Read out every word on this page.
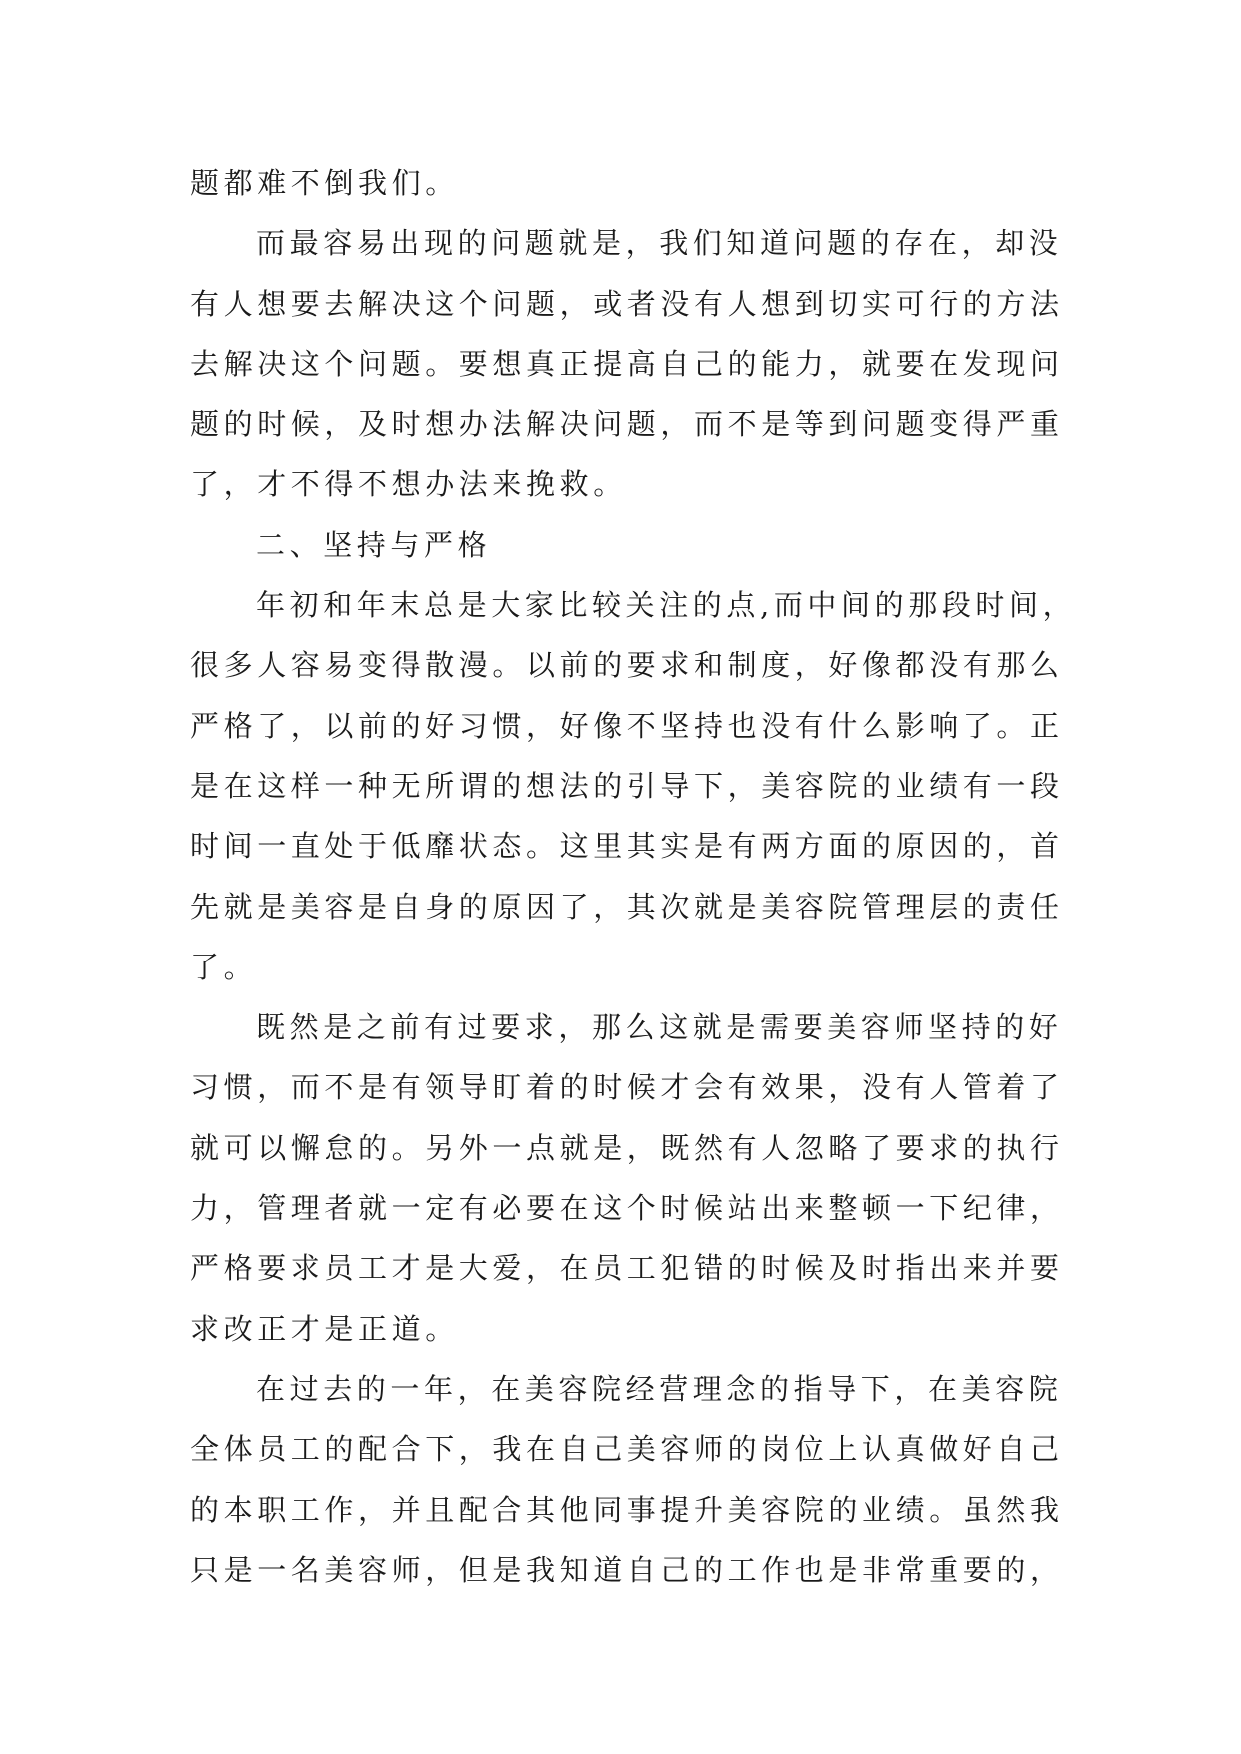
题都难不倒我们。
而最容易出现的问题就是，我们知道问题的存在，却没
有人想要去解决这个问题，或者没有人想到切实可行的方法
去解决这个问题。要想真正提高自己的能力，就要在发现问
题的时候，及时想办法解决问题，而不是等到问题变得严重
了，才不得不想办法来挽救。
二、坚持与严格
年初和年末总是大家比较关注的点,而中间的那段时间，
很多人容易变得散漫。以前的要求和制度，好像都没有那么
严格了，以前的好习惯，好像不坚持也没有什么影响了。正
是在这样一种无所谓的想法的引导下，美容院的业绩有一段
时间一直处于低靡状态。这里其实是有两方面的原因的，首
先就是美容是自身的原因了，其次就是美容院管理层的责任
了。
既然是之前有过要求，那么这就是需要美容师坚持的好
习惯，而不是有领导盯着的时候才会有效果，没有人管着了
就可以懈怠的。另外一点就是，既然有人忽略了要求的执行
力，管理者就一定有必要在这个时候站出来整顿一下纪律，
严格要求员工才是大爱，在员工犯错的时候及时指出来并要
求改正才是正道。
在过去的一年，在美容院经营理念的指导下，在美容院
全体员工的配合下，我在自己美容师的岗位上认真做好自己
的本职工作，并且配合其他同事提升美容院的业绩。虽然我
只是一名美容师，但是我知道自己的工作也是非常重要的，
